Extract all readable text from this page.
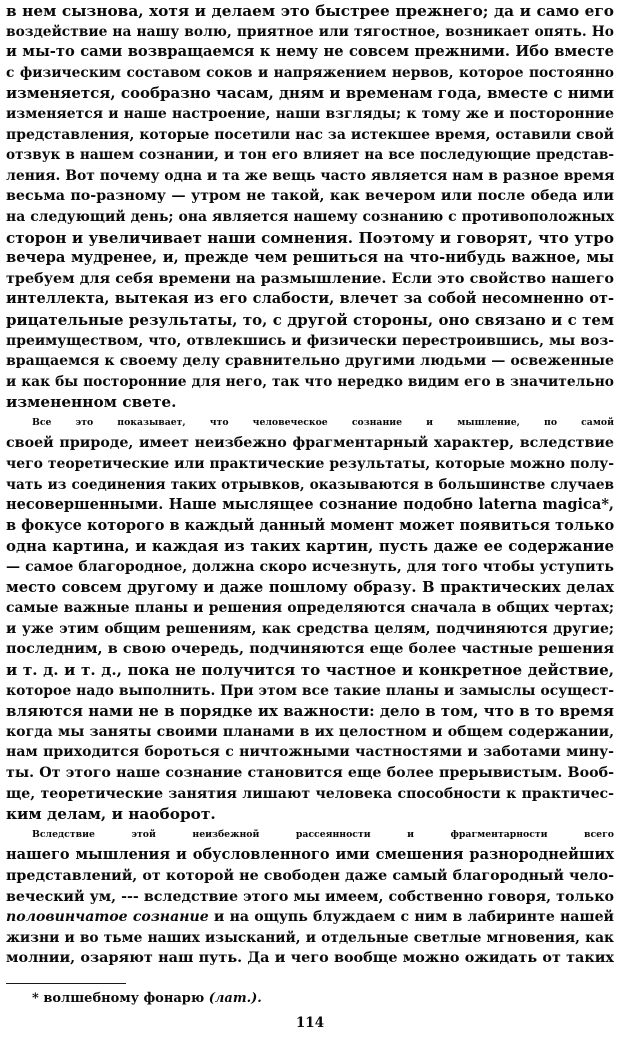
в нем сызнова, хотя и делаем это быстрее прежнего; да и само его
воздействие на нашу волю, приятное или тягостное, возникает опять. Но
и мы-то сами возвращаемся к нему не совсем прежними. Ибо вместе
с физическим составом соков и напряжением нервов, которое постоянно
изменяется, сообразно часам, дням и временам года, вместе с ними
изменяется и наше настроение, наши взгляды; к тому же и посторонние
представления, которые посетили нас за истекшее время, оставили свой
отзвук в нашем сознании, и тон его влияет на все последующие представ-
ления. Вот почему одна и та же вещь часто является нам в разное время
весьма по-разному — утром не такой, как вечером или после обеда или
на следующий день; она является нашему сознанию с противоположных
сторон и увеличивает наши сомнения. Поэтому и говорят, что утро
вечера мудренее, и, прежде чем решиться на что-нибудь важное, мы
требуем для себя времени на размышление. Если это свойство нашего
интеллекта, вытекая из его слабости, влечет за собой несомненно от-
рицательные результаты, то, с другой стороны, оно связано и с тем
преимуществом, что, отвлекшись и физически перестроившись, мы воз-
вращаемся к своему делу сравнительно другими людьми — освеженные
и как бы посторонние для него, так что нередко видим его в значительно
измененном свете.
Все это показывает, что человеческое сознание и мышление, по самой
своей природе, имеет неизбежно фрагментарный характер, вследствие
чего теоретические или практические результаты, которые можно полу-
чать из соединения таких отрывков, оказываются в большинстве случаев
несовершенными. Наше мыслящее сознание подобно laterna magica*,
в фокусе которого в каждый данный момент может появиться только
одна картина, и каждая из таких картин, пусть даже ее содержание
— самое благородное, должна скоро исчезнуть, для того чтобы уступить
место совсем другому и даже пошлому образу. В практических делах
самые важные планы и решения определяются сначала в общих чертах;
и уже этим общим решениям, как средства целям, подчиняются другие;
последним, в свою очередь, подчиняются еще более частные решения
и т. д. и т. д., пока не получится то частное и конкретное действие,
которое надо выполнить. При этом все такие планы и замыслы осущест-
вляются нами не в порядке их важности: дело в том, что в то время
когда мы заняты своими планами в их целостном и общем содержании,
нам приходится бороться с ничтожными частностями и заботами мину-
ты. От этого наше сознание становится еще более прерывистым. Вооб-
ще, теоретические занятия лишают человека способности к практичес-
ким делам, и наоборот.
Вследствие этой неизбежной рассеянности и фрагментарности всего
нашего мышления и обусловленного ими смешения разнороднейших
представлений, от которой не свободен даже самый благородный чело-
веческий ум, --- вследствие этого мы имеем, собственно говоря, только
половинчатое сознание и на ощупь блуждаем с ним в лабиринте нашей
жизни и во тьме наших изысканий, и отдельные светлые мгновения, как
молнии, озаряют наш путь. Да и чего вообще можно ожидать от таких
* волшебному фонарю (лат.).
114
